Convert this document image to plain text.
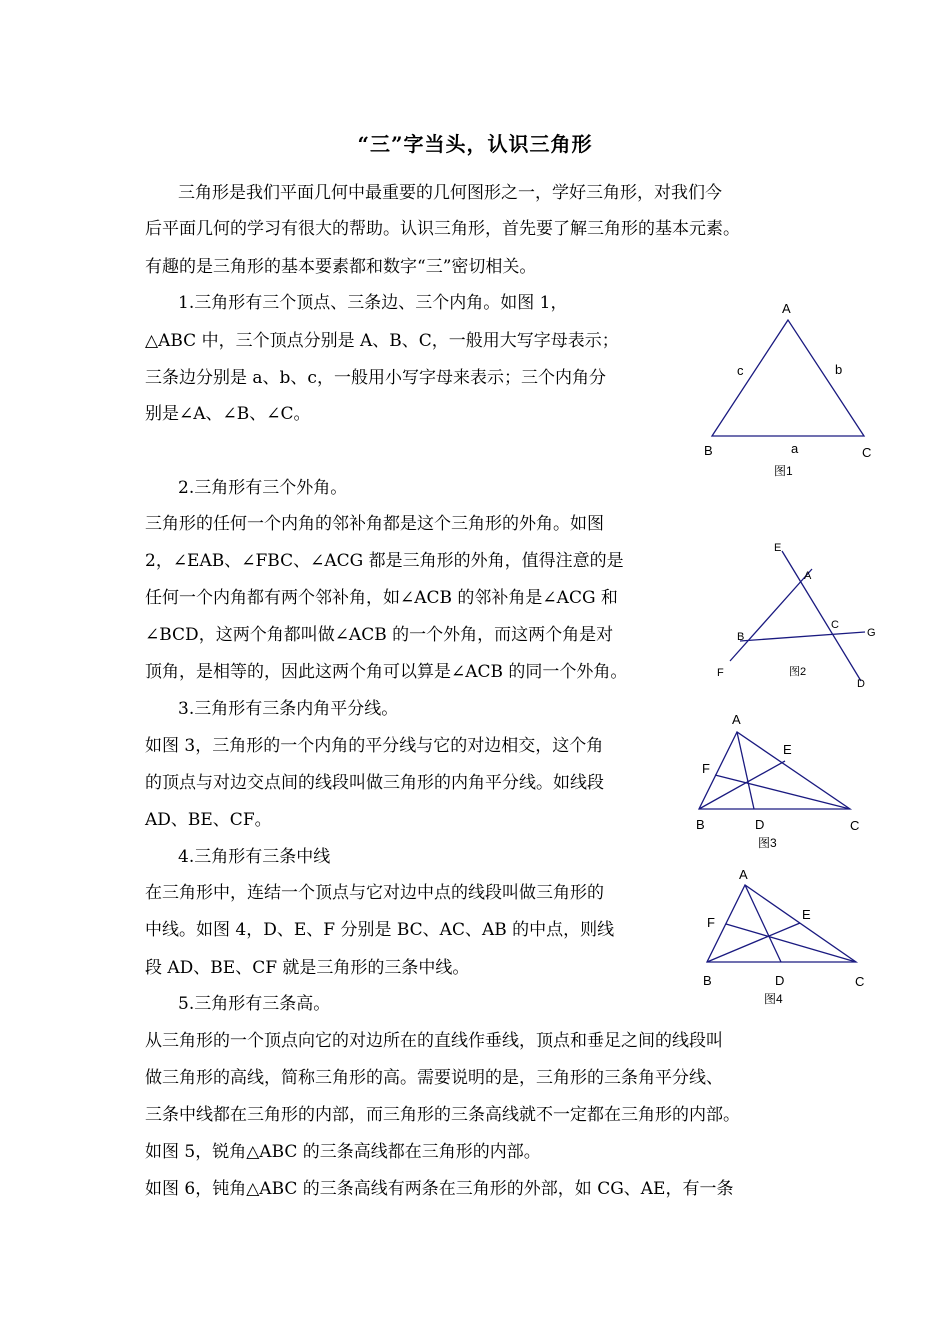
“三”字当头，认识三角形
三角形是我们平面几何中最重要的几何图形之一，学好三角形，对我们今
后平面几何的学习有很大的帮助。认识三角形，首先要了解三角形的基本元素。
有趣的是三角形的基本要素都和数字“三”密切相关。
1.三角形有三个顶点、三条边、三个内角。如图 1，
△ABC 中，三个顶点分别是 A、B、C，一般用大写字母表示；
三条边分别是 a、b、c，一般用小写字母来表示；三个内角分
别是∠A、∠B、∠C。
2.三角形有三个外角。
三角形的任何一个内角的邻补角都是这个三角形的外角。如图
2，∠EAB、∠FBC、∠ACG 都是三角形的外角，值得注意的是
任何一个内角都有两个邻补角，如∠ACB 的邻补角是∠ACG 和
∠BCD，这两个角都叫做∠ACB 的一个外角，而这两个角是对
顶角，是相等的，因此这两个角可以算是∠ACB 的同一个外角。
3.三角形有三条内角平分线。
如图 3，三角形的一个内角的平分线与它的对边相交，这个角
的顶点与对边交点间的线段叫做三角形的内角平分线。如线段
AD、BE、CF。
4.三角形有三条中线
在三角形中，连结一个顶点与它对边中点的线段叫做三角形的
中线。如图 4，D、E、F 分别是 BC、AC、AB 的中点，则线
段 AD、BE、CF 就是三角形的三条中线。
5.三角形有三条高。
从三角形的一个顶点向它的对边所在的直线作垂线，顶点和垂足之间的线段叫
做三角形的高线，简称三角形的高。需要说明的是，三角形的三条角平分线、
三条中线都在三角形的内部，而三角形的三条高线就不一定都在三角形的内部。
如图 5，锐角△ABC 的三条高线都在三角形的内部。
如图 6，钝角△ABC 的三条高线有两条在三角形的外部，如 CG、AE，有一条
A
B	C
a
b
c
图1
E
A
C
G
B
F
D
图2
A
E
F
B	D	C
图3
A
E
F
B	D	C
图4
